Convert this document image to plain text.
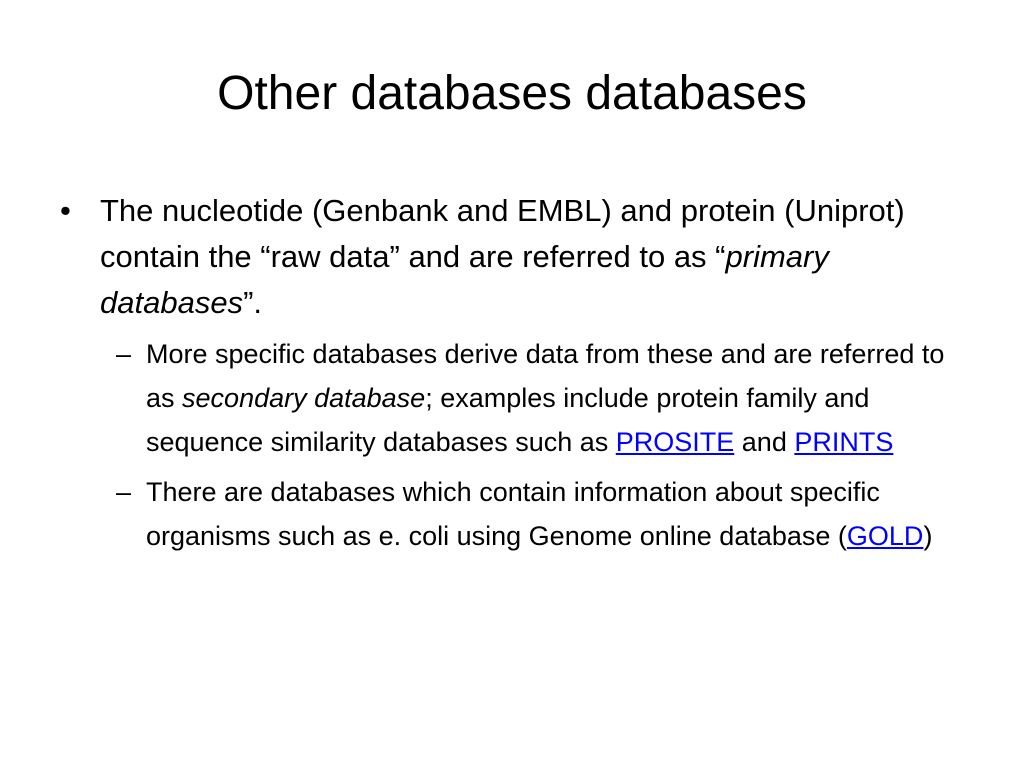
Other databases databases

• The nucleotide (Genbank and EMBL) and protein (Uniprot) contain the “raw data” and are referred to as “primary databases”.

– More specific databases derive data from these and are referred to as secondary database; examples include protein family and sequence similarity databases such as PROSITE and PRINTS

– There are databases which contain information about specific organisms such as e. coli using Genome online database (GOLD)
